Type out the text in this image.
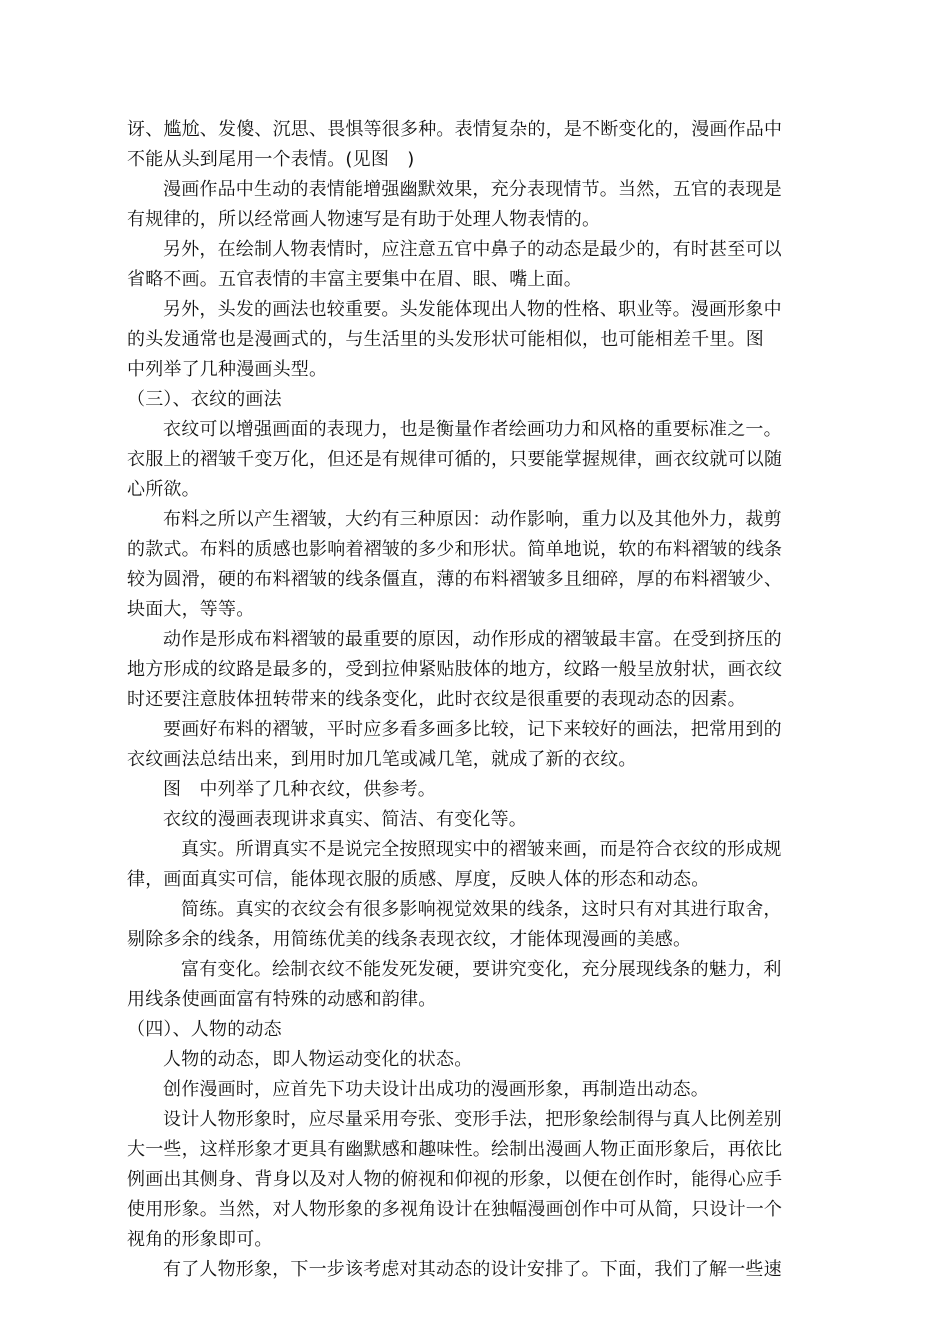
讶、尴尬、发傻、沉思、畏惧等很多种。表情复杂的，是不断变化的，漫画作品中
不能从头到尾用一个表情。(见图　)
漫画作品中生动的表情能增强幽默效果，充分表现情节。当然，五官的表现是
有规律的，所以经常画人物速写是有助于处理人物表情的。
另外，在绘制人物表情时，应注意五官中鼻子的动态是最少的，有时甚至可以
省略不画。五官表情的丰富主要集中在眉、眼、嘴上面。
另外，头发的画法也较重要。头发能体现出人物的性格、职业等。漫画形象中
的头发通常也是漫画式的，与生活里的头发形状可能相似，也可能相差千里。图
中列举了几种漫画头型。
（三）、衣纹的画法
衣纹可以增强画面的表现力，也是衡量作者绘画功力和风格的重要标准之一。
衣服上的褶皱千变万化，但还是有规律可循的，只要能掌握规律，画衣纹就可以随
心所欲。
布料之所以产生褶皱，大约有三种原因：动作影响，重力以及其他外力，裁剪
的款式。布料的质感也影响着褶皱的多少和形状。简单地说，软的布料褶皱的线条
较为圆滑，硬的布料褶皱的线条僵直，薄的布料褶皱多且细碎，厚的布料褶皱少、
块面大，等等。
动作是形成布料褶皱的最重要的原因，动作形成的褶皱最丰富。在受到挤压的
地方形成的纹路是最多的，受到拉伸紧贴肢体的地方，纹路一般呈放射状，画衣纹
时还要注意肢体扭转带来的线条变化，此时衣纹是很重要的表现动态的因素。
要画好布料的褶皱，平时应多看多画多比较，记下来较好的画法，把常用到的
衣纹画法总结出来，到用时加几笔或减几笔，就成了新的衣纹。
图　中列举了几种衣纹，供参考。
衣纹的漫画表现讲求真实、简洁、有变化等。
真实。所谓真实不是说完全按照现实中的褶皱来画，而是符合衣纹的形成规
律，画面真实可信，能体现衣服的质感、厚度，反映人体的形态和动态。
简练。真实的衣纹会有很多影响视觉效果的线条，这时只有对其进行取舍，
剔除多余的线条，用简练优美的线条表现衣纹，才能体现漫画的美感。
富有变化。绘制衣纹不能发死发硬，要讲究变化，充分展现线条的魅力，利
用线条使画面富有特殊的动感和韵律。
（四）、人物的动态
人物的动态，即人物运动变化的状态。
创作漫画时，应首先下功夫设计出成功的漫画形象，再制造出动态。
设计人物形象时，应尽量采用夸张、变形手法，把形象绘制得与真人比例差别
大一些，这样形象才更具有幽默感和趣味性。绘制出漫画人物正面形象后，再依比
例画出其侧身、背身以及对人物的俯视和仰视的形象，以便在创作时，能得心应手
使用形象。当然，对人物形象的多视角设计在独幅漫画创作中可从简，只设计一个
视角的形象即可。
有了人物形象，下一步该考虑对其动态的设计安排了。下面，我们了解一些速
